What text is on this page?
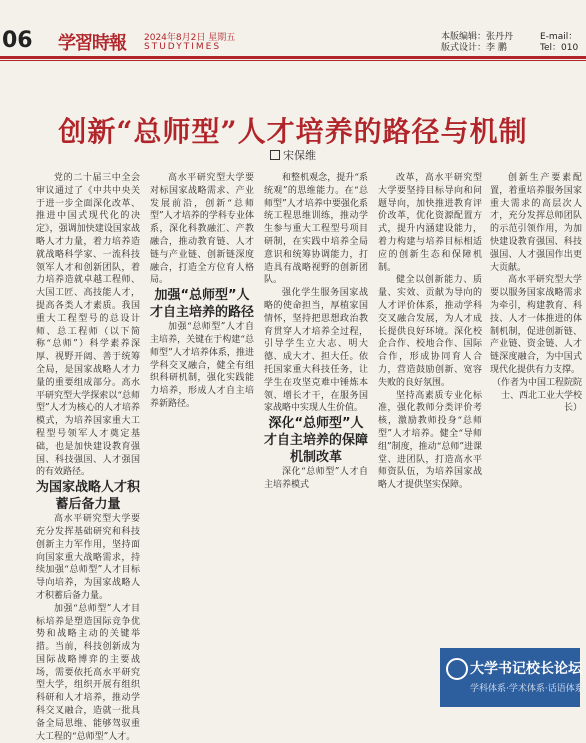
06 学習時報 2024年8月2日 星期五
STUDYTIMES
本版编辑：张丹丹
版式设计：李 鹏
E-mail：
Tel：010
创新“总师型”人才培养的路径与机制
宋保维

党的二十届三中全会审议通过了《中共中央关于进一步全面深化改革、推进中国式现代化的决定》，强调加快建设国家战略人才力量，着力培养造就战略科学家、一流科技领军人才和创新团队，着力培养造就卓越工程师、大国工匠、高技能人才，提高各类人才素质。我国重大工程型号的总设计师、总工程师（以下简称“总师”）科学素养深厚、视野开阔、善于统筹全局，是国家战略人才力量的重要组成部分。高水平研究型大学探索以“总师型”人才为核心的人才培养模式，为培养国家重大工程型号领军人才奠定基础，也是加快建设教育强国、科技强国、人才强国的有效路径。

为国家战略人才积蓄后备力量

高水平研究型大学要充分发挥基础研究和科技创新主力军作用，坚持面向国家重大战略需求，持续加强“总师型”人才目标导向培养，为国家战略人才积蓄后备力量。

加强“总师型”人才目标培养是塑造国际竞争优势和战略主动的关键举措。当前，科技创新成为国际战略博弈的主要战场，需要依托高水平研究型大学，组织开展有组织科研和人才培养，推动学科交叉融合，造就一批具备全局思维、能够驾驭重大工程的“总师型”人才。

高水平研究型大学要对标国家战略需求、产业发展前沿，创新“总师型”人才培养的学科专业体系，深化科教融汇、产教融合，推动教育链、人才链与产业链、创新链深度融合，打造全方位育人格局。

加强“总师型”人才自主培养的路径

加强“总师型”人才自主培养，关键在于构建“总师型”人才培养体系，推进学科交叉融合，健全有组织科研机制，强化实践能力培养，形成人才自主培养新路径。

和整机观念，提升“系统观”的思维能力。在“总师型”人才培养中要强化系统工程思维训练，推动学生参与重大工程型号项目研制，在实践中培养全局意识和统筹协调能力，打造具有战略视野的创新团队。

强化学生服务国家战略的使命担当，厚植家国情怀，坚持把思想政治教育贯穿人才培养全过程，引导学生立大志、明大德、成大才、担大任。依托国家重大科技任务，让学生在攻坚克难中锤炼本领、增长才干，在服务国家战略中实现人生价值。

深化“总师型”人才自主培养的保障机制改革

深化“总师型”人才自主培养模式

改革，高水平研究型大学要坚持目标导向和问题导向，加快推进教育评价改革，优化资源配置方式，提升内涵建设能力，着力构建与培养目标相适应的创新生态和保障机制。

健全以创新能力、质量、实效、贡献为导向的人才评价体系，推动学科交叉融合发展，为人才成长提供良好环境。深化校企合作、校地合作、国际合作，形成协同育人合力，营造鼓励创新、宽容失败的良好氛围。

坚持高素质专业化标准，强化教师分类评价考核，激励教师投身“总师型”人才培养。健全“导师组”制度，推动“总师”进课堂、进团队，打造高水平师资队伍，为培养国家战略人才提供坚实保障。

创新生产要素配置，着重培养服务国家重大需求的高层次人才，充分发挥总师团队的示范引领作用，为加快建设教育强国、科技强国、人才强国作出更大贡献。

高水平研究型大学要以服务国家战略需求为牵引，构建教育、科技、人才一体推进的体制机制，促进创新链、产业链、资金链、人才链深度融合，为中国式现代化提供有力支撑。

（作者为中国工程院院士、西北工业大学校长）

大学书记校长论坛
学科体系·学术体系·话语体系
